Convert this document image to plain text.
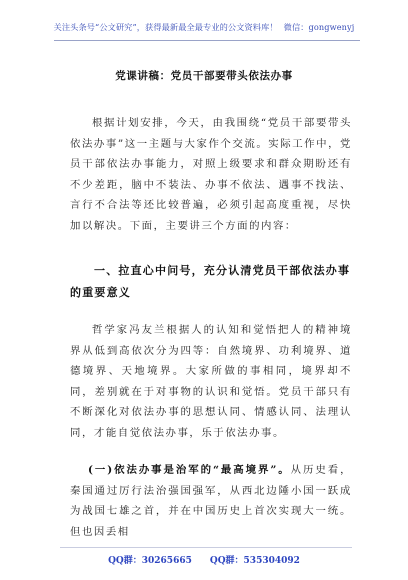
关注头条号“公文研究”，获得最新最全最专业的公文资料库！ 微信：gongwenyj
党课讲稿：党员干部要带头依法办事
根据计划安排，今天，由我围绕“党员干部要带头依法办事”这一主题与大家作个交流。实际工作中，党员干部依法办事能力，对照上级要求和群众期盼还有不少差距，脑中不装法、办事不依法、遇事不找法、言行不合法等还比较普遍，必须引起高度重视，尽快加以解决。下面，主要讲三个方面的内容：
一、拉直心中问号，充分认清党员干部依法办事的重要意义
哲学家冯友兰根据人的认知和觉悟把人的精神境界从低到高依次分为四等：自然境界、功利境界、道德境界、天地境界。大家所做的事相同，境界却不同，差别就在于对事物的认识和觉悟。党员干部只有不断深化对依法办事的思想认同、情感认同、法理认同，才能自觉依法办事，乐于依法办事。
(一)依法办事是治军的“最高境界”。从历史看，秦国通过厉行法治强国强军，从西北边陲小国一跃成为战国七雄之首，并在中国历史上首次实现大一统。但也因丢相
QQ群：30265665 QQ群：535304092
